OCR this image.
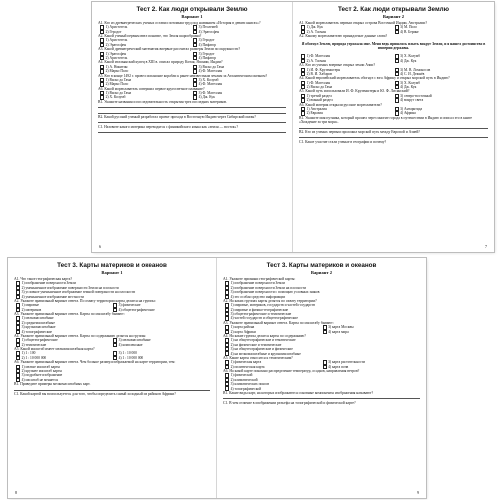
Тест 2. Как люди открывали Землю
Вариант 1

А1. Кто из древнегреческих ученых оставил потомкам труд под названием «История в девяти книгах»?

1) Аристотель	3) Птолемей
2) Геродот	4) Эратосфен

А2. Какой ученый первым ввел понятие, что Земля шарообразна?

1) Аристотель	3) Геродот
2) Эратосфен	4) Пифагор

А3. Какой древнегреческий математик впервые рассчитал размеры Земли по окружности?

1) Эратосфен	3) Геродот
2) Аристотель	4) Пифагор

А4. Какой итальянский купец в XIII в. описал природу Китая, Японии, Индии?

1) А. Никитин	3) Васко да Гама
2) Марко Поло	4) Ф. Магеллан

А5. Кто в конце 1492 г. провел испанские корабли к ранее неизвестным землям за Атлантическим океаном?

1) Васко да Гама	3) Х. Колумб
2) Марко Поло	4) Ф. Магеллан

А6. Какой мореплаватель совершил первое кругосветное плавание?

1) Васко да Гама	3) Ф. Магеллан
2) Х. Колумб	4) Дж. Кук

В1. Укажите названия и последовательность открытия трех последних материков.

В2. Какой русский ученый разработал проект прохода в Восточную Индию через Сибирский океан?

С1. Назовите какого материка переводятся с финикийского языка как «земля — восток»?

6
Тест 2. Как люди открывали Землю
Вариант 2

А1. Какой мореплаватель первым открыл острова Восточной Индии, Австралии?

1) Дж. Кук	3) М. Поло
2) А. Тасман	4) В. Беринг

А2. Какому мореплавателю принадлежат данные слова?

Я обогнул Землю, природа угрожала мне. Меня ведь пришлось плыть вокруг Земли, и я нашел достоинство в империи державы.

1) Ф. Магеллан	3) Х. Колумб
2) А. Тасман	4) Дж. Кук

А3. Кто из ученых впервые открыл земли Азии?

1) И. Ф. Крузенштерн	3) М. В. Ломоносов
2) В. И. Хабаров	4) С. И. Дежнёв

А4. Какой европейский мореплаватель обогнул с юга Африку и открыл морской путь в Индию?

1) Ф. Магеллан	3) Х. Колумб
2) Васко да Гама	4) Дж. Кук

А5. Какой путь использовали И. Ф. Крузенштерн и Ю. Ф. Лисянский?

1) третий раздел	3) северо-восточный
2) южный раздел	4) вокруг света

А6. Какой материк открыли русские мореплаватели?

1) Австралия	3) Антарктида
2) Евразия	4) Африка

В1. Укажите имя путника, который прошел через многие города в путешествии в Индию и описал это в книге «Хождение за три моря».

В2. Кто из ученых первым проложил морской путь между Европой и Азией?

С1. Какое участие стали ученые в географии и почему?

7
Тест 3. Карты материков и океанов
Вариант 1

А1. Что такое географическая карта?

1) изображение поверхности Земли
2) уменьшенное изображение поверхности Земли на плоскости
3) условное уменьшенное изображение земной поверхности на плоскости
4) уменьшенное изображение местности

А2. Укажите правильный вариант ответа. По охвату территории карты делятся на группы:

1) мировые	3) физические
2) материков	4) общегеографические

А3. Укажите правильный вариант ответа. Карты по масштабу бывают:

1) мелкомасштабные
2) среднемасштабные
3) крупномасштабные
4) топографические

А4. Укажите правильный вариант ответа. Карты по содержанию делятся на группы:

1) общегеографические	3) мелкомасштабные
2) тематические	4) комплексные

А5. Какой масштаб имеет мелкомасштабная карта?

1) 1 : 100	3) 1 : 10 000
2) 1 : 10 000 000	4) 1 : 10 000 000

А6. Укажите правильный вариант ответа. Чем больше размер изображаемой на карте территории, тем:

1) мельче масштаб карты
2) крупнее масштаб карты
3) подробнее изображение
4) масштаб не меняется

В1. Приведите примеры мелкомасштабных карт.

С1. Какой картой вы воспользуетесь для того, чтобы определить самый холодный из районов Африки?

8
Тест 3. Карты материков и океанов
Вариант 2

А1. Укажите признаки географической карты:

1) изображение поверхности Земли
2) изображение поверхности Земли на плоскости
3) изображение поверхности с помощью условных знаков
4) это особая средство информации

А2. На каких группах карты делятся по охвату территории?

1) мировые, материков, государств и частей государств
2) мировые и физико-географические
3) общегеографические и тематические
4) частей государств и общегеографические

А3. Укажите правильный вариант ответа. Карты по масштабу бывают:

1) карта района	3) карта Москвы
2) карта Африки	4) карта мира

А4. На какие группы делятся карты по содержанию?

1) на общегеографические и тематические
2) на физические и тематические
3) на общегеографические и физические
4) на мелкомасштабные и крупномасштабные

А5. Какие карты относятся к тематическим?

1) физическая карта	3) карта растительности
2) политическая карта	4) карта почв

А6. На какой карте показано распределение температур, осадков, направления ветров?

1) физической
2) климатической
3) климатических поясов
4) топографической

В1. Какие виды карт, на которых изображаются основные компоненты изображения называют?

С1. В чем отличие в изображении рельефа на топографической и физической карте?

9
